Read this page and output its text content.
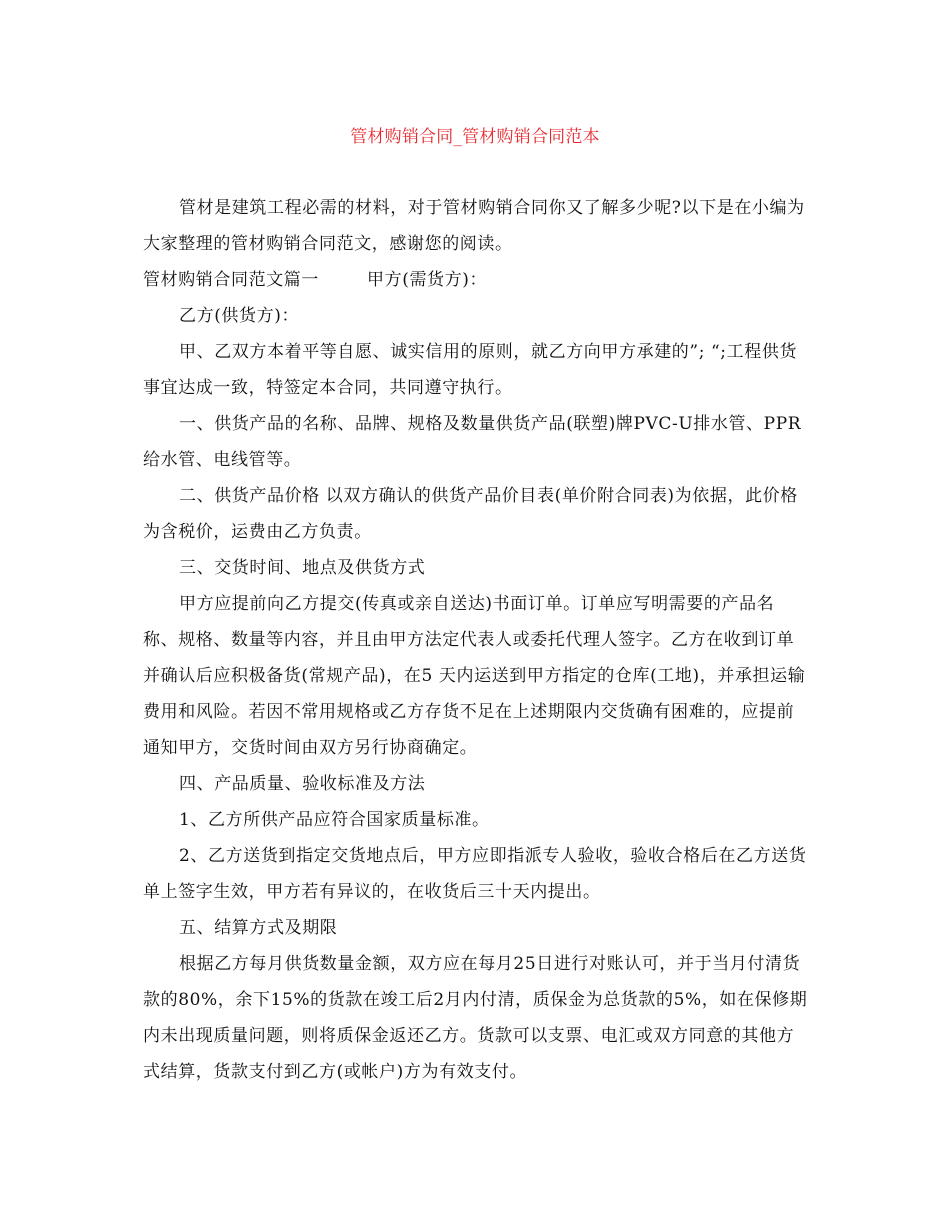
管材购销合同_管材购销合同范本

管材是建筑工程必需的材料，对于管材购销合同你又了解多少呢?以下是在小编为大家整理的管材购销合同范文，感谢您的阅读。

管材购销合同范文篇一        甲方(需货方)：

乙方(供货方)：

甲、乙双方本着平等自愿、诚实信用的原则，就乙方向甲方承建的”; “;工程供货事宜达成一致，特签定本合同，共同遵守执行。

一、供货产品的名称、品牌、规格及数量供货产品(联塑)牌PVC-U排水管、PPR给水管、电线管等。

二、供货产品价格 以双方确认的供货产品价目表(单价附合同表)为依据，此价格为含税价，运费由乙方负责。

三、交货时间、地点及供货方式

甲方应提前向乙方提交(传真或亲自送达)书面订单。订单应写明需要的产品名称、规格、数量等内容，并且由甲方法定代表人或委托代理人签字。乙方在收到订单并确认后应积极备货(常规产品)，在5 天内运送到甲方指定的仓库(工地)，并承担运输费用和风险。若因不常用规格或乙方存货不足在上述期限内交货确有困难的，应提前通知甲方，交货时间由双方另行协商确定。

四、产品质量、验收标准及方法

1、乙方所供产品应符合国家质量标准。

2、乙方送货到指定交货地点后，甲方应即指派专人验收，验收合格后在乙方送货单上签字生效，甲方若有异议的，在收货后三十天内提出。

五、结算方式及期限

根据乙方每月供货数量金额，双方应在每月25日进行对账认可，并于当月付清货款的80%，余下15%的货款在竣工后2月内付清，质保金为总货款的5%，如在保修期内未出现质量问题，则将质保金返还乙方。货款可以支票、电汇或双方同意的其他方式结算，货款支付到乙方(或帐户)方为有效支付。
